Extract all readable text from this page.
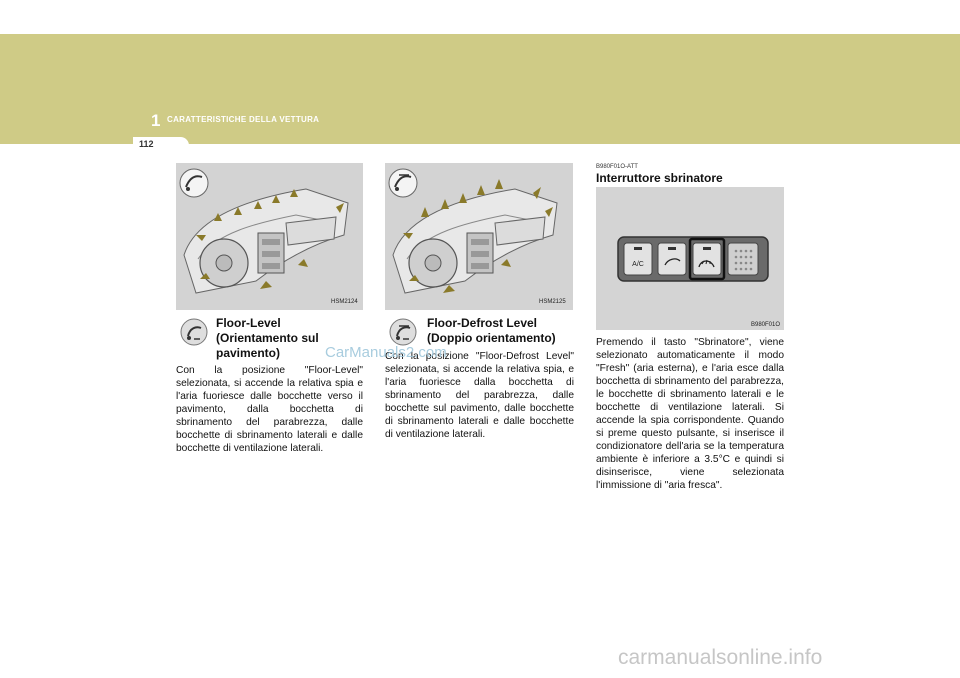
1 CARATTERISTICHE DELLA VETTURA
112
HSM2124	HSM2125
A/C
B980F01O
Floor-Level
(Orientamento sul
pavimento)
Con la posizione "Floor-Level" selezionata, si accende la relativa spia e l'aria fuoriesce dalle bocchette verso il pavimento, dalla bocchetta di sbrinamento del parabrezza, dalle bocchette di sbrinamento laterali e dalle bocchette di ventilazione laterali.
Floor-Defrost Level
(Doppio orientamento)
Con la posizione "Floor-Defrost Level" selezionata, si accende la relativa spia, e l'aria fuoriesce dalla bocchetta di sbrinamento del parabrezza, dalle bocchette sul pavimento, dalle bocchette di sbrinamento laterali e dalle bocchette di ventilazione laterali.
B980F01O-ATT
Interruttore sbrinatore
Premendo il tasto "Sbrinatore", viene selezionato automaticamente il modo "Fresh" (aria esterna), e l'aria esce dalla bocchetta di sbrinamento del parabrezza, le bocchette di sbrinamento laterali e le bocchette di ventilazione laterali. Si accende la spia corrispondente. Quando si preme questo pulsante, si inserisce il condizionatore dell'aria se la temperatura ambiente è inferiore a 3.5°C e quindi si disinserisce, viene selezionata l'immissione di "aria fresca".
CarManuals2.com
carmanualsonline.info
